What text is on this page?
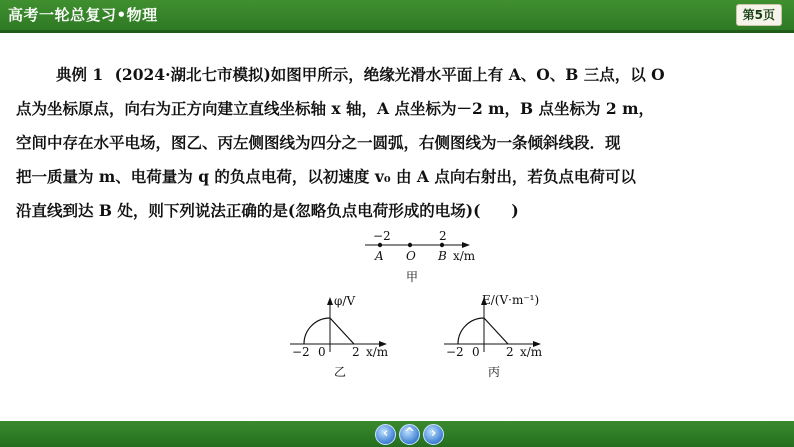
高考一轮总复习•物理	第5页
典例 1 (2024·湖北七市模拟)如图甲所示，绝缘光滑水平面上有 A、O、B 三点，以 O
点为坐标原点，向右为正方向建立直线坐标轴 x 轴，A 点坐标为－2 m，B 点坐标为 2 m，
空间中存在水平电场，图乙、丙左侧图线为四分之一圆弧，右侧图线为一条倾斜线段．现
把一质量为 m、电荷量为 q 的负点电荷，以初速度 v₀ 由 A 点向右射出，若负点电荷可以
沿直线到达 B 处，则下列说法正确的是(忽略负点电荷形成的电场)(　　)
−2	2
A O B x/m
甲
φ/V
−2 0 2 x/m
乙
E/(V·m⁻¹)
−2 0 2 x/m
丙
‹	^	›
